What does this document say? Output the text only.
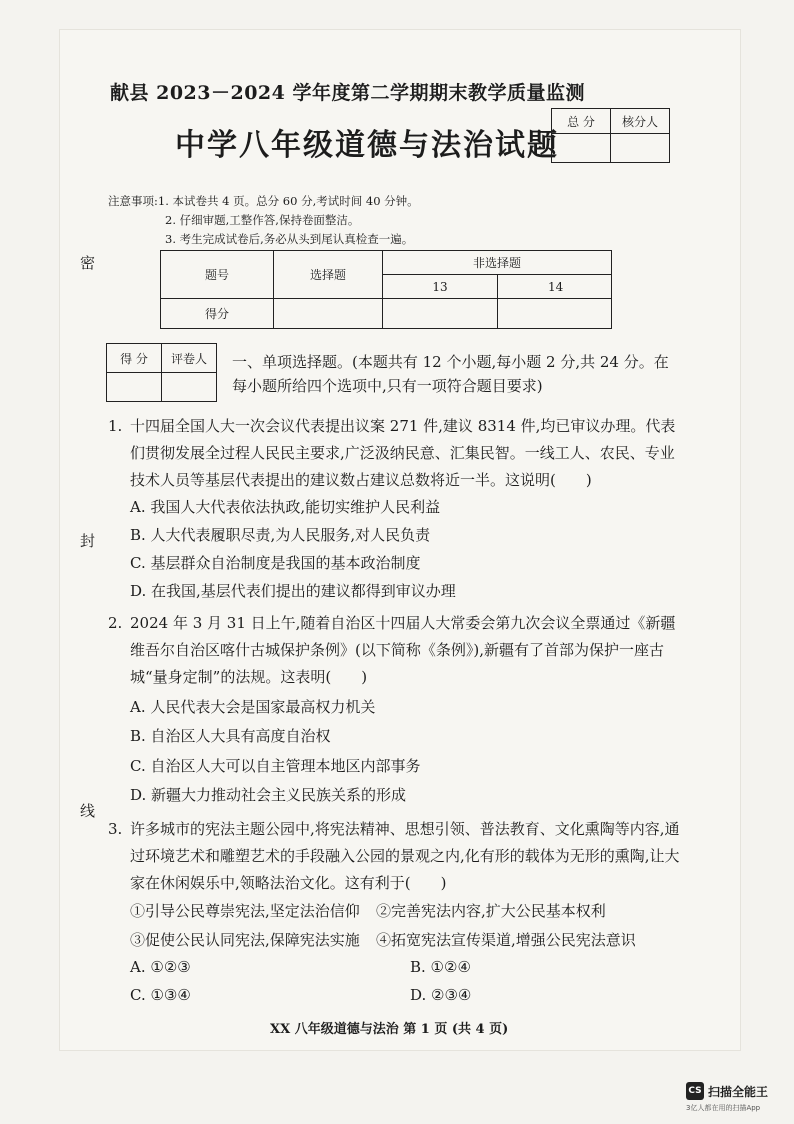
密
封
线
献县 2023－2024 学年度第二学期期末教学质量监测
中学八年级道德与法治试题
总 分	核分人

注意事项:1. 本试卷共 4 页。总分 60 分,考试时间 40 分钟。
2. 仔细审题,工整作答,保持卷面整洁。
3. 考生完成试卷后,务必从头到尾认真检查一遍。
题号	选择题	非选择题	
		13	14
得分			
得 分	评卷人
	一、单项选择题。(本题共有 12 个小题,每小题 2 分,共 24 分。在每小题所给四个选项中,只有一项符合题目要求)
1. 十四届全国人大一次会议代表提出议案 271 件,建议 8314 件,均已审议办理。代表们贯彻发展全过程人民民主要求,广泛汲纳民意、汇集民智。一线工人、农民、专业技术人员等基层代表提出的建议数占建议总数将近一半。这说明(　　)
A. 我国人大代表依法执政,能切实维护人民利益
B. 人大代表履职尽责,为人民服务,对人民负责
C. 基层群众自治制度是我国的基本政治制度
D. 在我国,基层代表们提出的建议都得到审议办理
2. 2024 年 3 月 31 日上午,随着自治区十四届人大常委会第九次会议全票通过《新疆维吾尔自治区喀什古城保护条例》(以下简称《条例》),新疆有了首部为保护一座古城“量身定制”的法规。这表明(　　)
A. 人民代表大会是国家最高权力机关
B. 自治区人大具有高度自治权
C. 自治区人大可以自主管理本地区内部事务
D. 新疆大力推动社会主义民族关系的形成
3. 许多城市的宪法主题公园中,将宪法精神、思想引领、普法教育、文化熏陶等内容,通过环境艺术和雕塑艺术的手段融入公园的景观之内,化有形的载体为无形的熏陶,让大家在休闲娱乐中,领略法治文化。这有利于(　　)
①引导公民尊崇宪法,坚定法治信仰 ②完善宪法内容,扩大公民基本权利
③促使公民认同宪法,保障宪法实施 ④拓宽宪法宣传渠道,增强公民宪法意识
A. ①②③	B. ①②④
C. ①③④	D. ②③④
XX 八年级道德与法治 第 1 页 (共 4 页)
CS 扫描全能王
3亿人都在用的扫描App
